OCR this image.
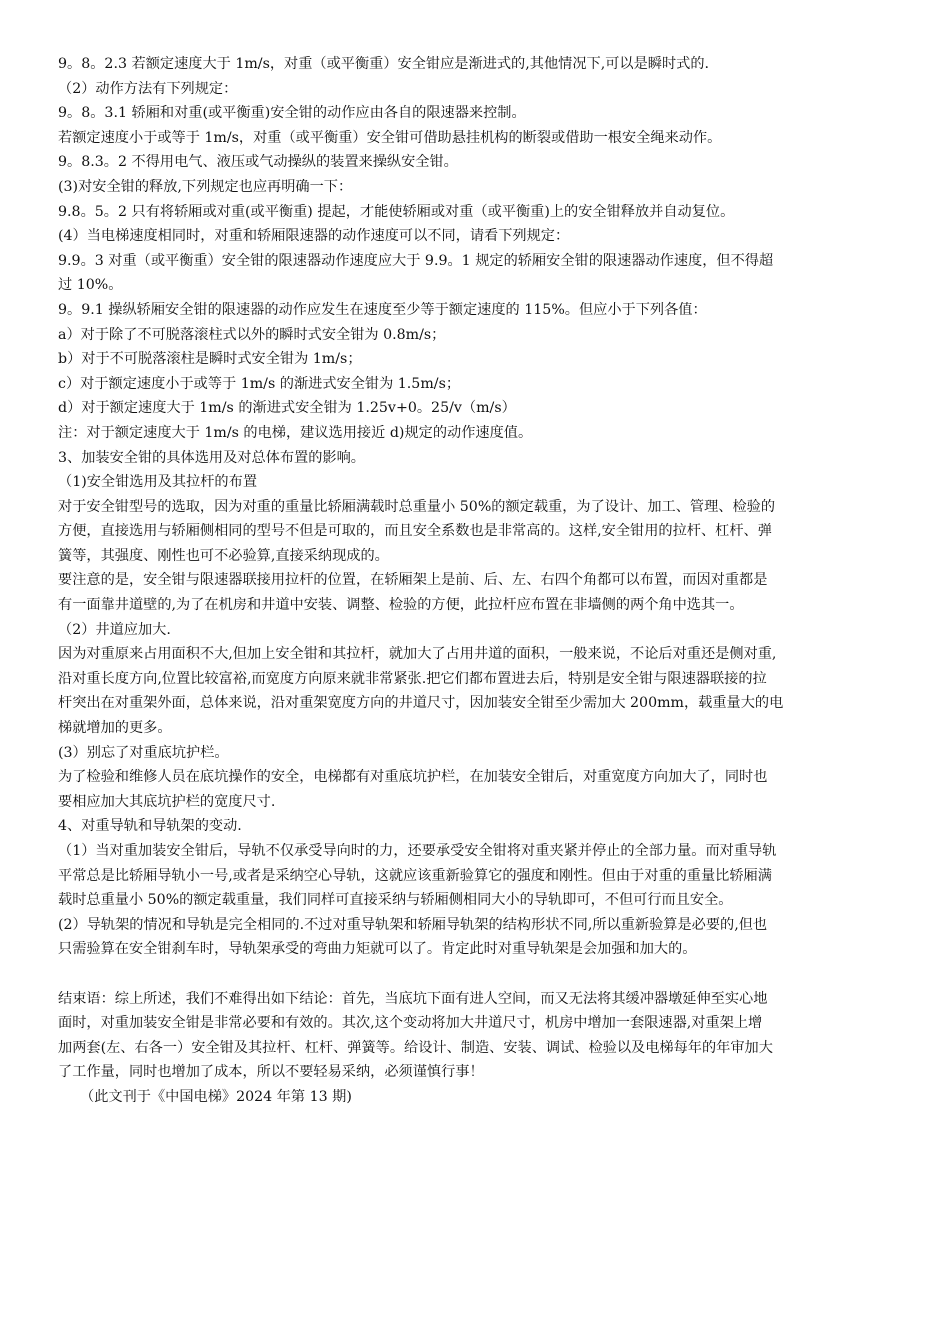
9。8。2.3 若额定速度大于 1m/s，对重（或平衡重）安全钳应是渐进式的,其他情况下,可以是瞬时式的.
（2）动作方法有下列规定：
9。8。3.1 轿厢和对重(或平衡重)安全钳的动作应由各自的限速器来控制。
若额定速度小于或等于 1m/s，对重（或平衡重）安全钳可借助悬挂机构的断裂或借助一根安全绳来动作。
9。8.3。2 不得用电气、液压或气动操纵的装置来操纵安全钳。
(3)对安全钳的释放,下列规定也应再明确一下：
9.8。5。2 只有将轿厢或对重(或平衡重) 提起，才能使轿厢或对重（或平衡重)上的安全钳释放并自动复位。
(4）当电梯速度相同时，对重和轿厢限速器的动作速度可以不同，请看下列规定：
9.9。3 对重（或平衡重）安全钳的限速器动作速度应大于 9.9。1 规定的轿厢安全钳的限速器动作速度，但不得超
过 10%。
9。9.1 操纵轿厢安全钳的限速器的动作应发生在速度至少等于额定速度的 115%。但应小于下列各值：
a）对于除了不可脱落滚柱式以外的瞬时式安全钳为 0.8m/s；
b）对于不可脱落滚柱是瞬时式安全钳为 1m/s；
c）对于额定速度小于或等于 1m/s 的渐进式安全钳为 1.5m/s；
d）对于额定速度大于 1m/s 的渐进式安全钳为 1.25v+0。25/v（m/s）
注：对于额定速度大于 1m/s 的电梯，建议选用接近 d)规定的动作速度值。
3、加装安全钳的具体选用及对总体布置的影响。
（1)安全钳选用及其拉杆的布置
对于安全钳型号的选取，因为对重的重量比轿厢满载时总重量小 50%的额定载重，为了设计、加工、管理、检验的
方便，直接选用与轿厢侧相同的型号不但是可取的，而且安全系数也是非常高的。这样,安全钳用的拉杆、杠杆、弹
簧等，其强度、刚性也可不必验算,直接采纳现成的。
要注意的是，安全钳与限速器联接用拉杆的位置，在轿厢架上是前、后、左、右四个角都可以布置，而因对重都是
有一面靠井道壁的,为了在机房和井道中安装、调整、检验的方便，此拉杆应布置在非墙侧的两个角中选其一。
（2）井道应加大.
因为对重原来占用面积不大,但加上安全钳和其拉杆，就加大了占用井道的面积，一般来说，不论后对重还是侧对重,
沿对重长度方向,位置比较富裕,而宽度方向原来就非常紧张.把它们都布置进去后，特别是安全钳与限速器联接的拉
杆突出在对重架外面，总体来说，沿对重架宽度方向的井道尺寸，因加装安全钳至少需加大 200mm，载重量大的电
梯就增加的更多。
(3）别忘了对重底坑护栏。
为了检验和维修人员在底坑操作的安全，电梯都有对重底坑护栏，在加装安全钳后，对重宽度方向加大了，同时也
要相应加大其底坑护栏的宽度尺寸.
4、对重导轨和导轨架的变动.
（1）当对重加装安全钳后，导轨不仅承受导向时的力，还要承受安全钳将对重夹紧并停止的全部力量。而对重导轨
平常总是比轿厢导轨小一号,或者是采纳空心导轨，这就应该重新验算它的强度和刚性。但由于对重的重量比轿厢满
载时总重量小 50%的额定载重量，我们同样可直接采纳与轿厢侧相同大小的导轨即可，不但可行而且安全。
(2）导轨架的情况和导轨是完全相同的.不过对重导轨架和轿厢导轨架的结构形状不同,所以重新验算是必要的,但也
只需验算在安全钳刹车时，导轨架承受的弯曲力矩就可以了。肯定此时对重导轨架是会加强和加大的。
结束语：综上所述，我们不难得出如下结论：首先，当底坑下面有进人空间，而又无法将其缓冲器墩延伸至实心地
面时，对重加装安全钳是非常必要和有效的。其次,这个变动将加大井道尺寸，机房中增加一套限速器,对重架上增
加两套(左、右各一）安全钳及其拉杆、杠杆、弹簧等。给设计、制造、安装、调试、检验以及电梯每年的年审加大
了工作量，同时也增加了成本，所以不要轻易采纳，必须谨慎行事！
（此文刊于《中国电梯》2024 年第 13 期)
